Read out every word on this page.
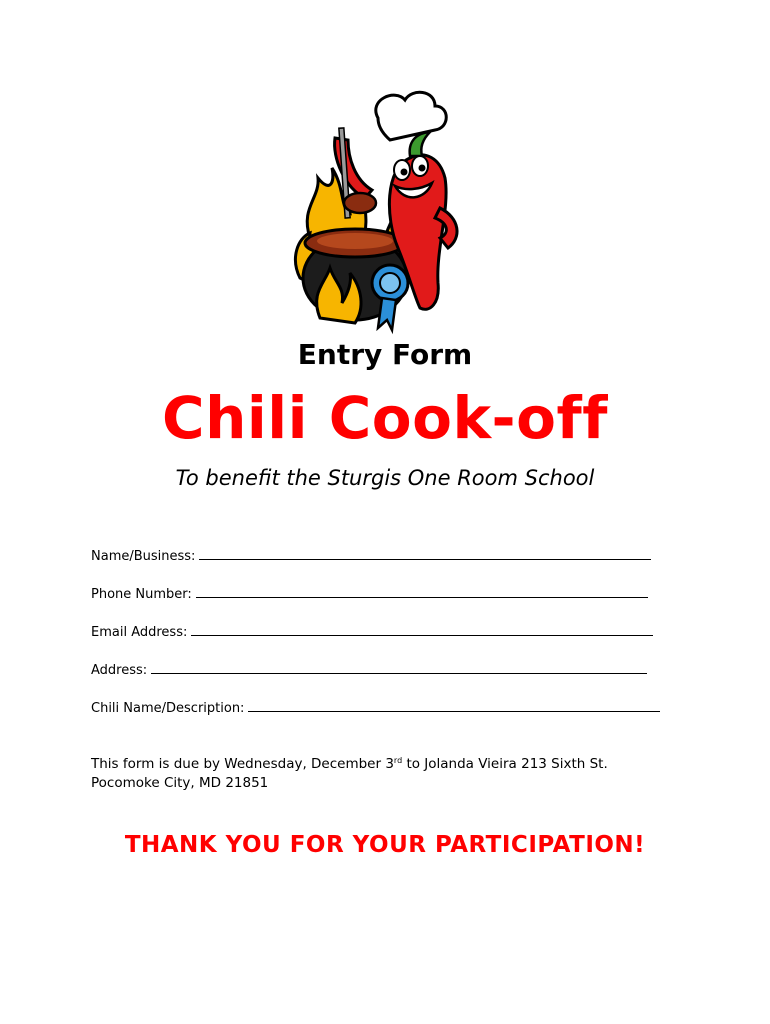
Entry Form
Chili Cook-off
To benefit the Sturgis One Room School
Name/Business:
Phone Number:
Email Address:
Address:
Chili Name/Description:
This form is due by Wednesday, December 3rd to Jolanda Vieira 213 Sixth St.
Pocomoke City, MD 21851
THANK YOU FOR YOUR PARTICIPATION!
